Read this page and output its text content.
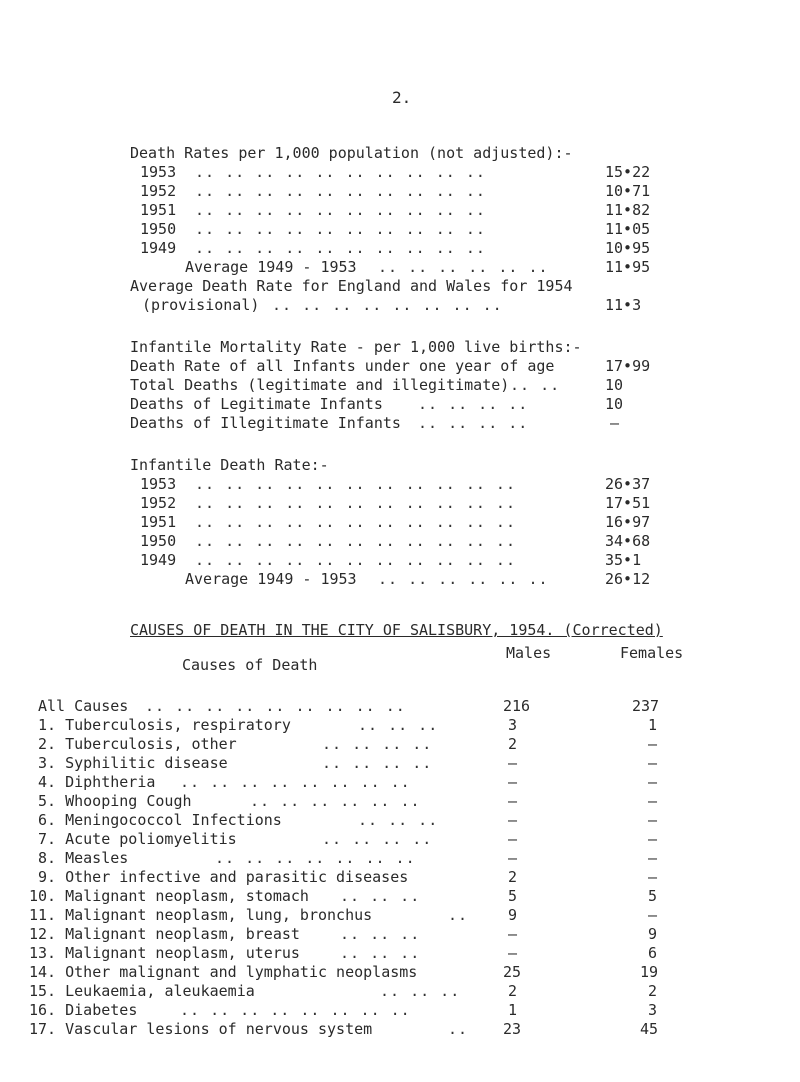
2.
Death Rates per 1,000 population (not adjusted):-
1953 .. .. .. .. .. .. .. .. .. ..	15•22
1952 .. .. .. .. .. .. .. .. .. ..	10•71
1951 .. .. .. .. .. .. .. .. .. ..	11•82
1950 .. .. .. .. .. .. .. .. .. ..	11•05
1949 .. .. .. .. .. .. .. .. .. ..	10•95
Average 1949 - 1953 .. .. .. .. .. ..	11•95
Average Death Rate for England and Wales for 1954
(provisional) .. .. .. .. .. .. .. ..	11•3
Infantile Mortality Rate - per 1,000 live births:-
Death Rate of all Infants under one year of age	17•99
Total Deaths (legitimate and illegitimate) .. ..	10
Deaths of Legitimate Infants .. .. .. ..	10
Deaths of Illegitimate Infants .. .. .. ..	–
Infantile Death Rate:-
1953 .. .. .. .. .. .. .. .. .. .. ..	26•37
1952 .. .. .. .. .. .. .. .. .. .. ..	17•51
1951 .. .. .. .. .. .. .. .. .. .. ..	16•97
1950 .. .. .. .. .. .. .. .. .. .. ..	34•68
1949 .. .. .. .. .. .. .. .. .. .. ..	35•1
Average 1949 - 1953 .. .. .. .. .. ..	26•12
CAUSES OF DEATH IN THE CITY OF SALISBURY, 1954. (Corrected)
Causes of Death
Males	Females
All Causes .. .. .. .. .. .. .. .. ..	216	237
1. Tuberculosis, respiratory	.. .. ..	3	1
2. Tuberculosis, other	.. .. .. ..	2	–
3. Syphilitic disease	.. .. .. ..	–	–
4. Diphtheria .. .. .. .. .. .. .. ..	–	–
5. Whooping Cough	.. .. .. .. .. ..	–	–
6. Meningococcol Infections	.. .. ..	–	–
7. Acute poliomyelitis	.. .. .. ..	–	–
8. Measles	.. .. .. .. .. .. ..	–	–
9. Other infective and parasitic diseases	2	–
10. Malignant neoplasm, stomach .. .. ..	5	5
11. Malignant neoplasm, lung, bronchus	..	9	–
12. Malignant neoplasm, breast	.. .. ..	–	9
13. Malignant neoplasm, uterus	.. .. ..	–	6
14. Other malignant and lymphatic neoplasms	25	19
15. Leukaemia, aleukaemia	.. .. ..	2	2
16. Diabetes	.. .. .. .. .. .. .. ..	1	3
17. Vascular lesions of nervous system	.. 23	45
